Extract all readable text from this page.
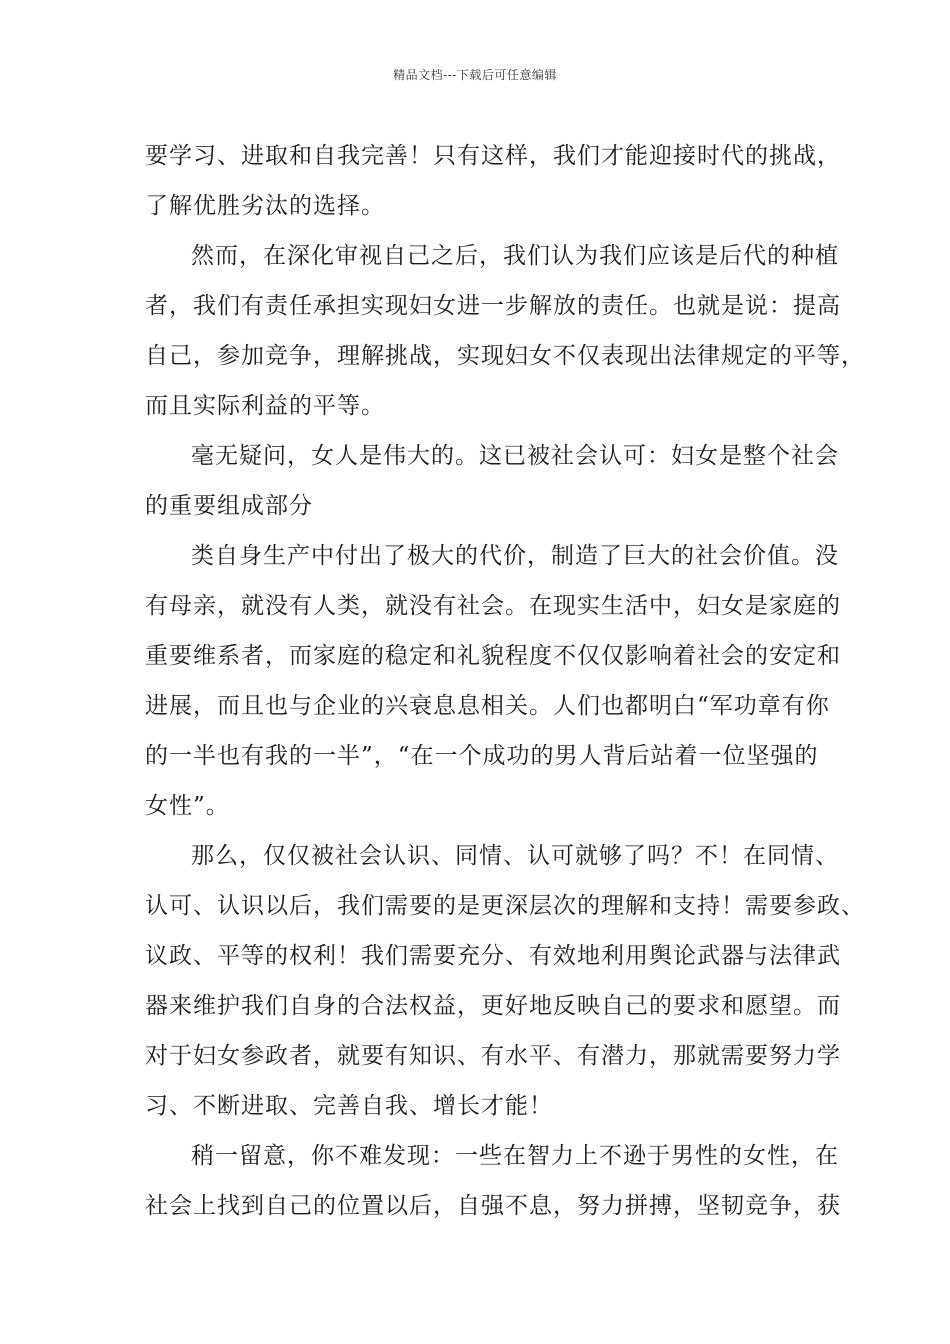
精品文档---下载后可任意编辑
要学习、进取和自我完善！只有这样，我们才能迎接时代的挑战，
了解优胜劣汰的选择。
然而，在深化审视自己之后，我们认为我们应该是后代的种植
者，我们有责任承担实现妇女进一步解放的责任。也就是说：提高
自己，参加竞争，理解挑战，实现妇女不仅表现出法律规定的平等，
而且实际利益的平等。
毫无疑问，女人是伟大的。这已被社会认可：妇女是整个社会
的重要组成部分
类自身生产中付出了极大的代价，制造了巨大的社会价值。没
有母亲，就没有人类，就没有社会。在现实生活中，妇女是家庭的
重要维系者，而家庭的稳定和礼貌程度不仅仅影响着社会的安定和
进展，而且也与企业的兴衰息息相关。人们也都明白“军功章有你
的一半也有我的一半”，“在一个成功的男人背后站着一位坚强的
女性”。
那么，仅仅被社会认识、同情、认可就够了吗？不！在同情、
认可、认识以后，我们需要的是更深层次的理解和支持！需要参政、
议政、平等的权利！我们需要充分、有效地利用舆论武器与法律武
器来维护我们自身的合法权益，更好地反映自己的要求和愿望。而
对于妇女参政者，就要有知识、有水平、有潜力，那就需要努力学
习、不断进取、完善自我、增长才能！
稍一留意，你不难发现：一些在智力上不逊于男性的女性，在
社会上找到自己的位置以后，自强不息，努力拼搏，坚韧竞争，获
